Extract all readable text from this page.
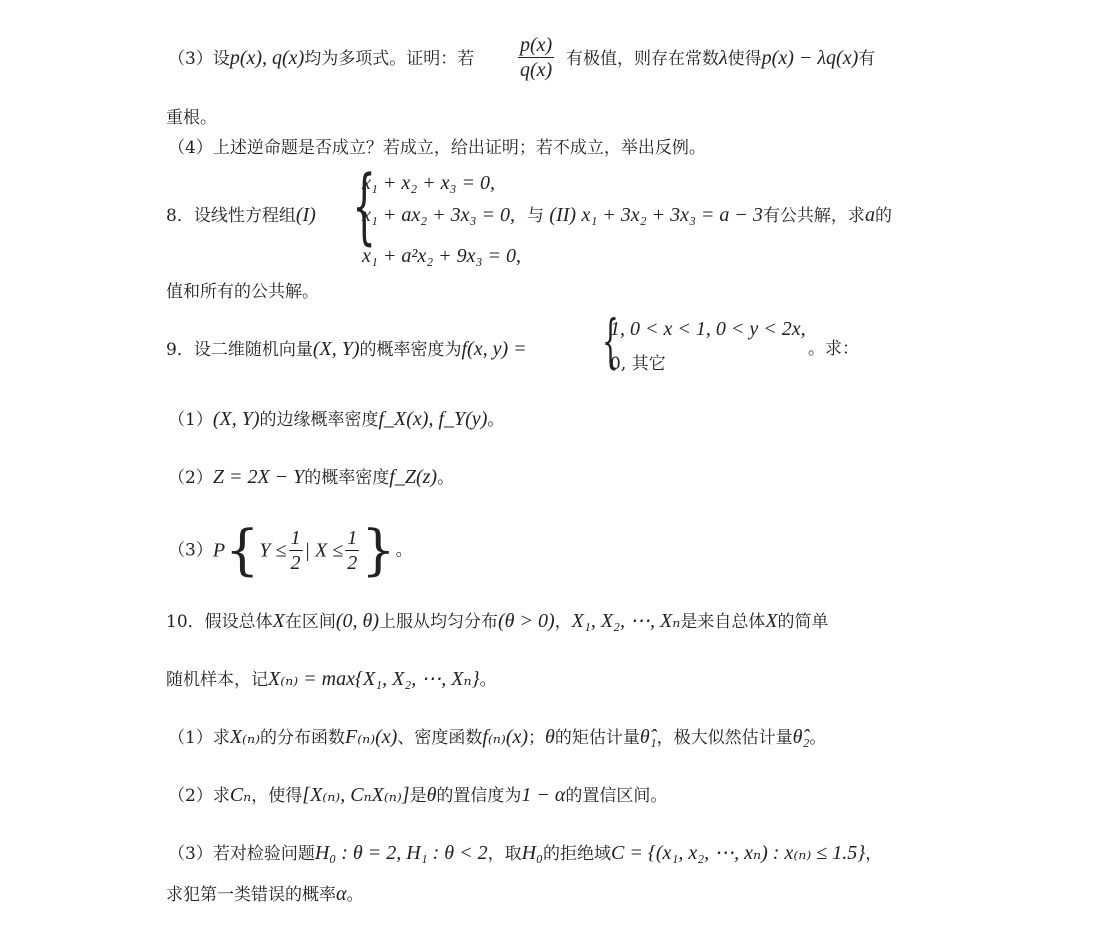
（3）设p(x), q(x)均为多项式。证明：若 $\frac{p(x)}{q(x)}$ 有极值，则存在常数λ使得p(x) − λq(x)有
重根。
（4）上述逆命题是否成立？若成立，给出证明；若不成立，举出反例。
8．设线性方程组(I) {
x₁ + x₂ + x₃ = 0,
x₁ + ax₂ + 3x₃ = 0,
x₁ + a²x₂ + 9x₃ = 0,
与 (II) x₁ + 3x₂ + 3x₃ = a − 3有公共解，求a的
值和所有的公共解。
9．设二维随机向量(X, Y)的概率密度为f(x, y) = {
1, 0 < x < 1, 0 < y < 2x,
0, 其它
。求：
（1）(X, Y)的边缘概率密度f_X(x), f_Y(y)。
（2）Z = 2X − Y的概率密度f_Z(z)。
$(3)P\{Y \le \frac{1}{2}$ | $X \le \frac{1}{2}$ }。
10．假设总体X在区间(0, θ)上服从均匀分布(θ > 0)，X₁, X₂, ⋯, Xₙ是来自总体X的简单
随机样本，记X₍ₙ₎ = max{X₁, X₂, ⋯, Xₙ}。
（1）求X₍ₙ₎的分布函数F₍ₙ₎(x)、密度函数f₍ₙ₎(x)；θ的矩估计量θ̂₁，极大似然估计量θ̂₂。
（2）求Cₙ，使得[X₍ₙ₎, CₙX₍ₙ₎]是θ的置信度为1 − α的置信区间。
（3）若对检验问题H₀ : θ = 2, H₁ : θ < 2，取H₀的拒绝域C = {(x₁, x₂, ⋯, xₙ) : x₍ₙ₎ ≤ 1.5}，
求犯第一类错误的概率α。
